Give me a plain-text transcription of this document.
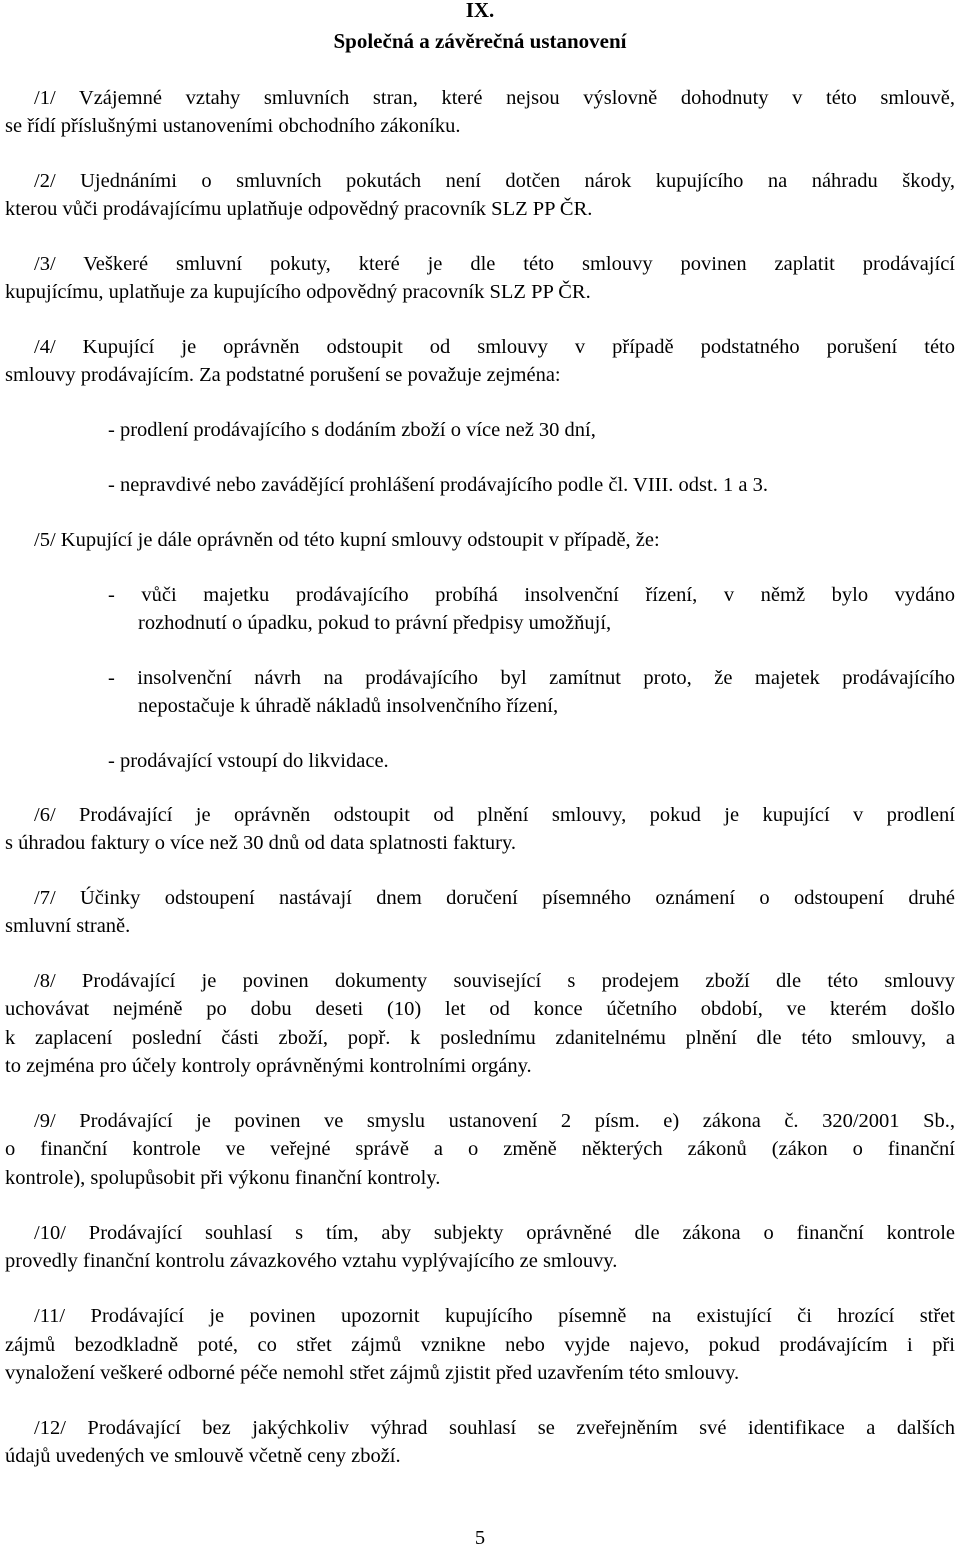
IX.
Společná a závěrečná ustanovení
/1/ Vzájemné vztahy smluvních stran, které nejsou výslovně dohodnuty v této smlouvě,
se řídí příslušnými ustanoveními obchodního zákoníku.
/2/ Ujednáními o smluvních pokutách není dotčen nárok kupujícího na náhradu škody,
kterou vůči prodávajícímu uplatňuje odpovědný pracovník SLZ PP ČR.
/3/ Veškeré smluvní pokuty, které je dle této smlouvy povinen zaplatit prodávající
kupujícímu, uplatňuje za kupujícího odpovědný pracovník SLZ PP ČR.
/4/ Kupující je oprávněn odstoupit od smlouvy v případě podstatného porušení této
smlouvy prodávajícím. Za podstatné porušení se považuje zejména:
- prodlení prodávajícího s dodáním zboží o více než 30 dní,
- nepravdivé nebo zavádějící prohlášení prodávajícího podle čl. VIII. odst. 1 a 3.
/5/ Kupující je dále oprávněn od této kupní smlouvy odstoupit v případě, že:
- vůči majetku prodávajícího probíhá insolvenční řízení, v němž bylo vydáno
rozhodnutí o úpadku, pokud to právní předpisy umožňují,
- insolvenční návrh na prodávajícího byl zamítnut proto, že majetek prodávajícího
nepostačuje k úhradě nákladů insolvenčního řízení,
- prodávající vstoupí do likvidace.
/6/ Prodávající je oprávněn odstoupit od plnění smlouvy, pokud je kupující v prodlení
s úhradou faktury o více než 30 dnů od data splatnosti faktury.
/7/ Účinky odstoupení nastávají dnem doručení písemného oznámení o odstoupení druhé
smluvní straně.
/8/ Prodávající je povinen dokumenty související s prodejem zboží dle této smlouvy
uchovávat nejméně po dobu deseti (10) let od konce účetního období, ve kterém došlo
k zaplacení poslední části zboží, popř. k poslednímu zdanitelnému plnění dle této smlouvy, a
to zejména pro účely kontroly oprávněnými kontrolními orgány.
/9/ Prodávající je povinen ve smyslu ustanovení 2 písm. e) zákona č. 320/2001 Sb.,
o finanční kontrole ve veřejné správě a o změně některých zákonů (zákon o finanční
kontrole), spolupůsobit při výkonu finanční kontroly.
/10/ Prodávající souhlasí s tím, aby subjekty oprávněné dle zákona o finanční kontrole
provedly finanční kontrolu závazkového vztahu vyplývajícího ze smlouvy.
/11/ Prodávající je povinen upozornit kupujícího písemně na existující či hrozící střet
zájmů bezodkladně poté, co střet zájmů vznikne nebo vyjde najevo, pokud prodávajícím i při
vynaložení veškeré odborné péče nemohl střet zájmů zjistit před uzavřením této smlouvy.
/12/ Prodávající bez jakýchkoliv výhrad souhlasí se zveřejněním své identifikace a dalších
údajů uvedených ve smlouvě včetně ceny zboží.
5
